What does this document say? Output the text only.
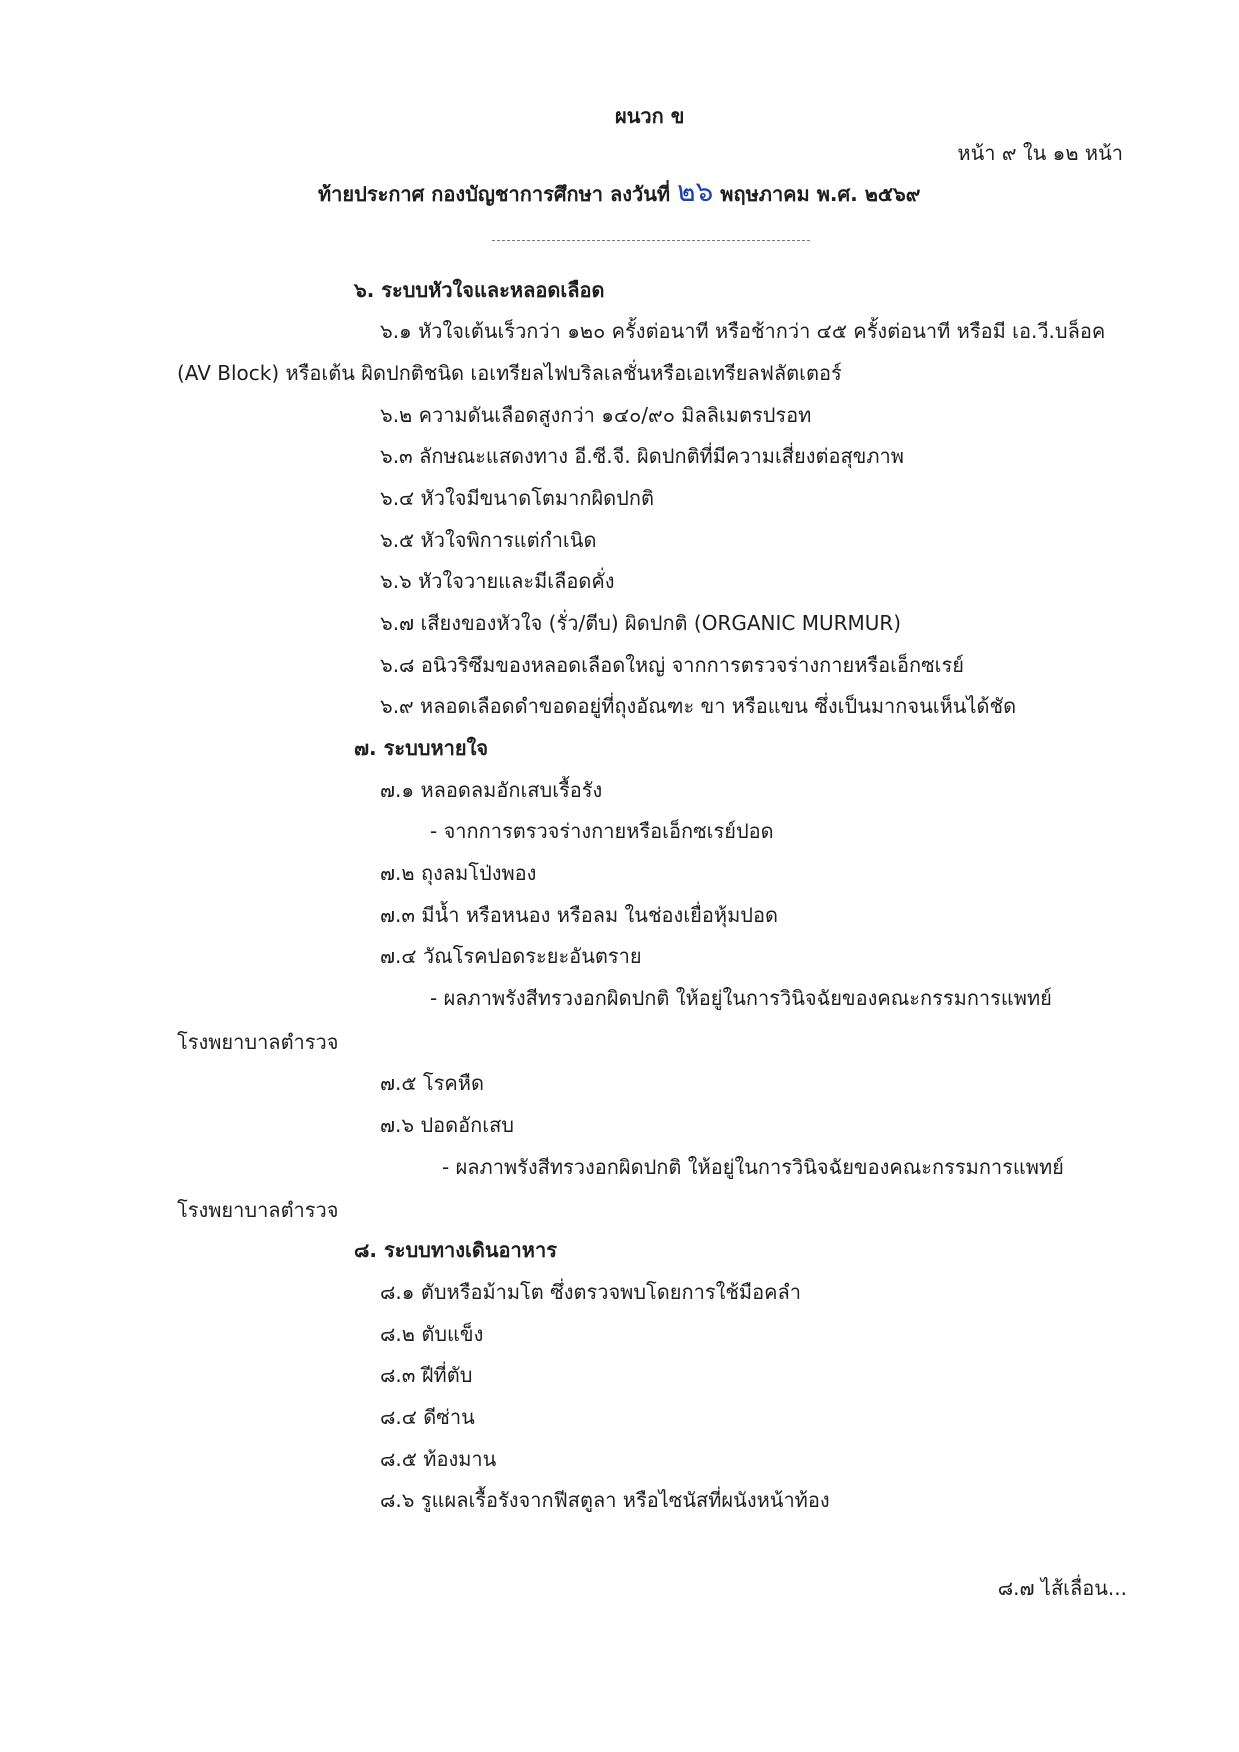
ผนวก ข
หน้า ๙ ใน ๑๒ หน้า
ท้ายประกาศ กองบัญชาการศึกษา ลงวันที่ ๒๖ พฤษภาคม พ.ศ. ๒๕๖๙
๖. ระบบหัวใจและหลอดเลือด
๖.๑ หัวใจเต้นเร็วกว่า ๑๒๐ ครั้งต่อนาที หรือช้ากว่า ๔๕ ครั้งต่อนาที หรือมี เอ.วี.บล็อค
(AV Block) หรือเต้น ผิดปกติชนิด เอเทรียลไฟบริลเลชั่นหรือเอเทรียลฟลัตเตอร์
๖.๒ ความดันเลือดสูงกว่า ๑๔๐/๙๐ มิลลิเมตรปรอท
๖.๓ ลักษณะแสดงทาง อี.ซี.จี. ผิดปกติที่มีความเสี่ยงต่อสุขภาพ
๖.๔ หัวใจมีขนาดโตมากผิดปกติ
๖.๕ หัวใจพิการแต่กำเนิด
๖.๖ หัวใจวายและมีเลือดคั่ง
๖.๗ เสียงของหัวใจ (รั่ว/ตีบ) ผิดปกติ (ORGANIC MURMUR)
๖.๘ อนิวริซึมของหลอดเลือดใหญ่ จากการตรวจร่างกายหรือเอ็กซเรย์
๖.๙ หลอดเลือดดำขอดอยู่ที่ถุงอัณฑะ ขา หรือแขน ซึ่งเป็นมากจนเห็นได้ชัด
๗. ระบบหายใจ
๗.๑ หลอดลมอักเสบเรื้อรัง
- จากการตรวจร่างกายหรือเอ็กซเรย์ปอด
๗.๒ ถุงลมโป่งพอง
๗.๓ มีน้ำ หรือหนอง หรือลม ในช่องเยื่อหุ้มปอด
๗.๔ วัณโรคปอดระยะอันตราย
- ผลภาพรังสีทรวงอกผิดปกติ ให้อยู่ในการวินิจฉัยของคณะกรรมการแพทย์
โรงพยาบาลตำรวจ
๗.๕ โรคหืด
๗.๖ ปอดอักเสบ
- ผลภาพรังสีทรวงอกผิดปกติ ให้อยู่ในการวินิจฉัยของคณะกรรมการแพทย์
โรงพยาบาลตำรวจ
๘. ระบบทางเดินอาหาร
๘.๑ ตับหรือม้ามโต ซึ่งตรวจพบโดยการใช้มือคลำ
๘.๒ ตับแข็ง
๘.๓ ฝีที่ตับ
๘.๔ ดีซ่าน
๘.๕ ท้องมาน
๘.๖ รูแผลเรื้อรังจากฟีสตูลา หรือไซนัสที่ผนังหน้าท้อง
๘.๗ ไส้เลื่อน...
